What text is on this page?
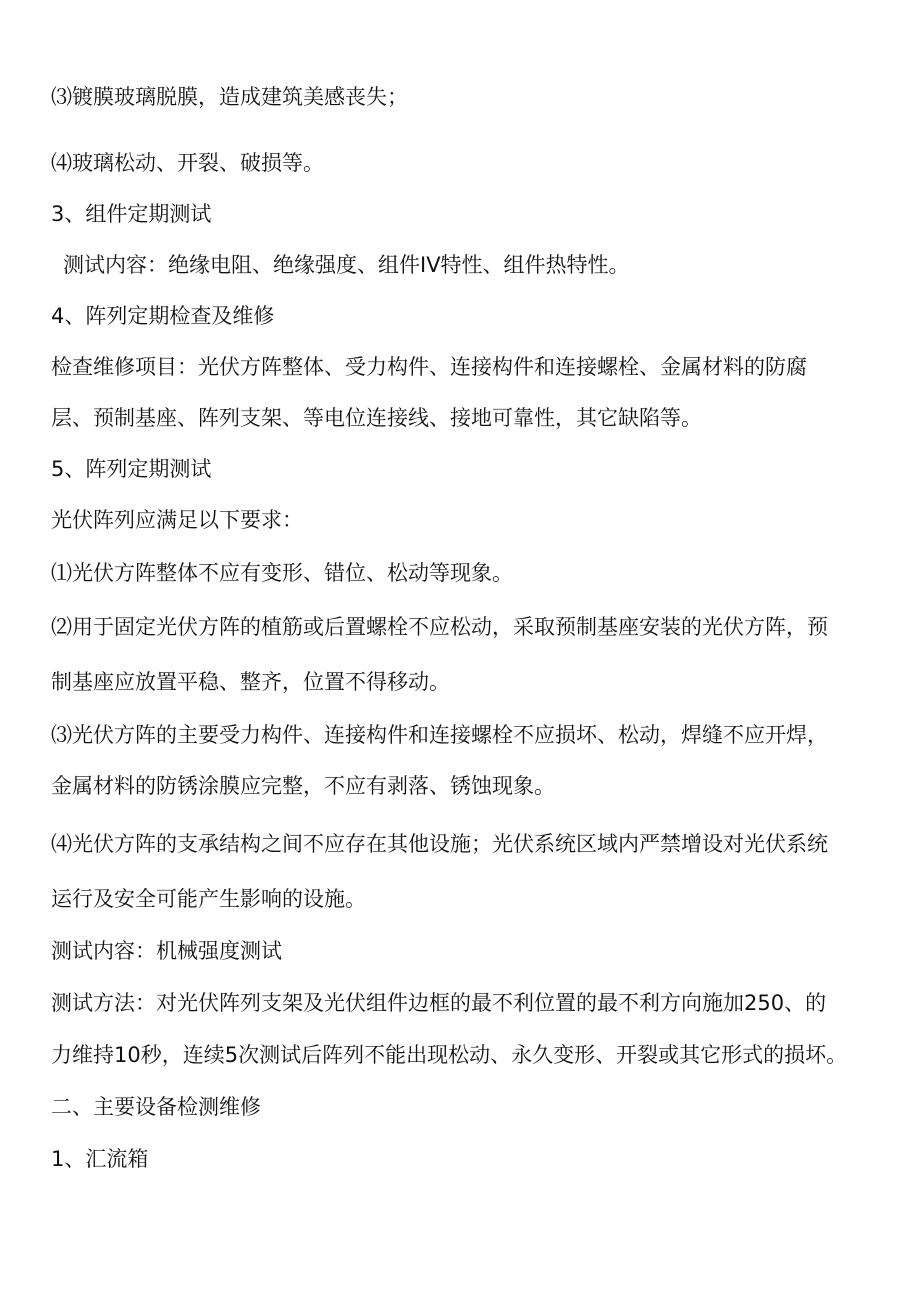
⑶镀膜玻璃脱膜，造成建筑美感丧失；
⑷玻璃松动、开裂、破损等。
3、组件定期测试
测试内容：绝缘电阻、绝缘强度、组件IV特性、组件热特性。
4、阵列定期检查及维修
检查维修项目：光伏方阵整体、受力构件、连接构件和连接螺栓、金属材料的防腐
层、预制基座、阵列支架、等电位连接线、接地可靠性，其它缺陷等。
5、阵列定期测试
光伏阵列应满足以下要求：
⑴光伏方阵整体不应有变形、错位、松动等现象。
⑵用于固定光伏方阵的植筋或后置螺栓不应松动，采取预制基座安装的光伏方阵，预
制基座应放置平稳、整齐，位置不得移动。
⑶光伏方阵的主要受力构件、连接构件和连接螺栓不应损坏、松动，焊缝不应开焊，
金属材料的防锈涂膜应完整，不应有剥落、锈蚀现象。
⑷光伏方阵的支承结构之间不应存在其他设施；光伏系统区域内严禁增设对光伏系统
运行及安全可能产生影响的设施。
测试内容：机械强度测试
测试方法：对光伏阵列支架及光伏组件边框的最不利位置的最不利方向施加250、的
力维持10秒，连续5次测试后阵列不能出现松动、永久变形、开裂或其它形式的损坏。
二、主要设备检测维修
1、汇流箱
